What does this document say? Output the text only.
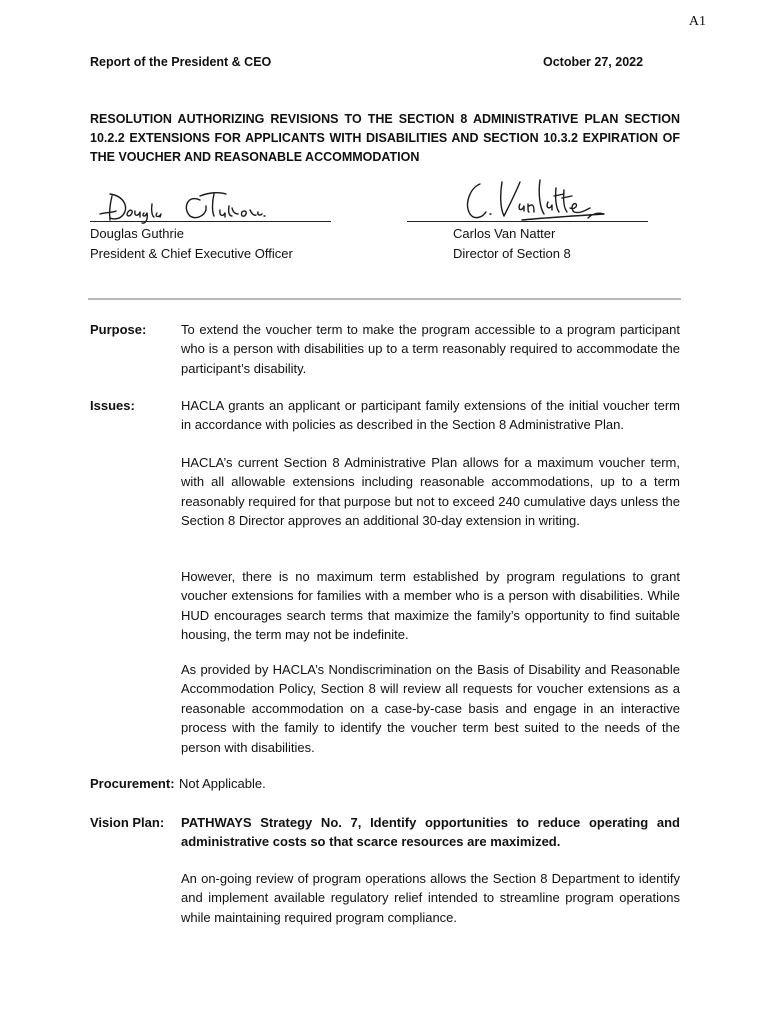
A1
Report of the President & CEO	October 27, 2022
RESOLUTION AUTHORIZING REVISIONS TO THE SECTION 8 ADMINISTRATIVE PLAN SECTION 10.2.2 EXTENSIONS FOR APPLICANTS WITH DISABILITIES AND SECTION 10.3.2 EXPIRATION OF THE VOUCHER AND REASONABLE ACCOMMODATION
Douglas Guthrie
President & Chief Executive Officer
Carlos Van Natter
Director of Section 8
Purpose:	To extend the voucher term to make the program accessible to a program participant who is a person with disabilities up to a term reasonably required to accommodate the participant’s disability.
Issues:	HACLA grants an applicant or participant family extensions of the initial voucher term in accordance with policies as described in the Section 8 Administrative Plan.
HACLA’s current Section 8 Administrative Plan allows for a maximum voucher term, with all allowable extensions including reasonable accommodations, up to a term reasonably required for that purpose but not to exceed 240 cumulative days unless the Section 8 Director approves an additional 30-day extension in writing.
However, there is no maximum term established by program regulations to grant voucher extensions for families with a member who is a person with disabilities. While HUD encourages search terms that maximize the family’s opportunity to find suitable housing, the term may not be indefinite.
As provided by HACLA’s Nondiscrimination on the Basis of Disability and Reasonable Accommodation Policy, Section 8 will review all requests for voucher extensions as a reasonable accommodation on a case-by-case basis and engage in an interactive process with the family to identify the voucher term best suited to the needs of the person with disabilities.
Procurement: Not Applicable.
Vision Plan: PATHWAYS Strategy No. 7, Identify opportunities to reduce operating and administrative costs so that scarce resources are maximized.
An on-going review of program operations allows the Section 8 Department to identify and implement available regulatory relief intended to streamline program operations while maintaining required program compliance.
